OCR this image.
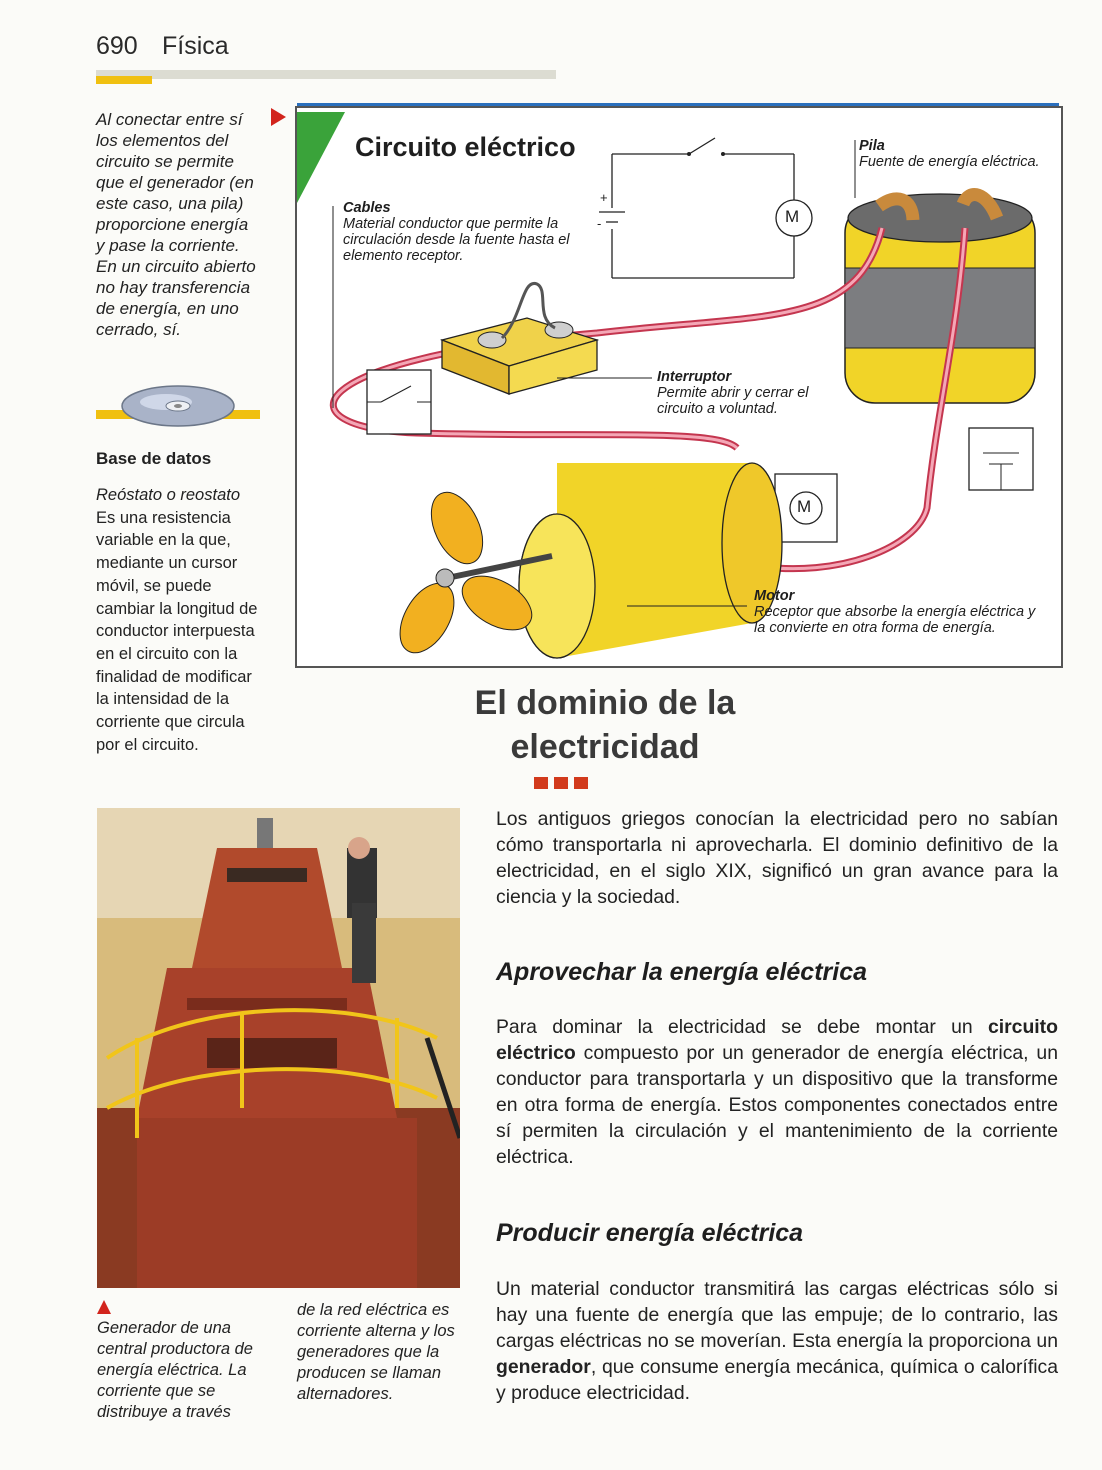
690 Física
Al conectar entre sí los elementos del circuito se permite que el generador (en este caso, una pila) proporcione energía y pase la corriente. En un circuito abierto no hay transferencia de energía, en uno cerrado, sí.
Base de datos
Reóstato o reostato
Es una resistencia variable en la que, mediante un cursor móvil, se puede cambiar la longitud de conductor interpuesta en el circuito con la finalidad de modificar la intensidad de la corriente que circula por el circuito.
Circuito eléctrico
+
-	M
M
Cables
Material conductor que permite la circulación desde la fuente hasta el elemento receptor.
Pila
Fuente de energía eléctrica.
Interruptor
Permite abrir y cerrar el circuito a voluntad.
Motor
Receptor que absorbe la energía eléctrica y la convierte en otra forma de energía.
El dominio de la
electricidad
Los antiguos griegos conocían la electricidad pero no sabían cómo transportarla ni aprovecharla. El dominio definitivo de la electricidad, en el siglo XIX, significó un gran avance para la ciencia y la sociedad.
Aprovechar la energía eléctrica
Para dominar la electricidad se debe montar un circuito eléctrico compuesto por un generador de energía eléctrica, un conductor para transportarla y un dispositivo que la transforme en otra forma de energía. Estos componentes conectados entre sí permiten la circulación y el mantenimiento de la corriente eléctrica.
Producir energía eléctrica
Un material conductor transmitirá las cargas eléctricas sólo si hay una fuente de energía que las empuje; de lo contrario, las cargas eléctricas no se moverían. Esta energía la proporciona un generador, que consume energía mecánica, química o calorífica y produce electricidad.
Generador de una central productora de energía eléctrica. La corriente que se distribuye a través
de la red eléctrica es corriente alterna y los generadores que la producen se llaman alternadores.
